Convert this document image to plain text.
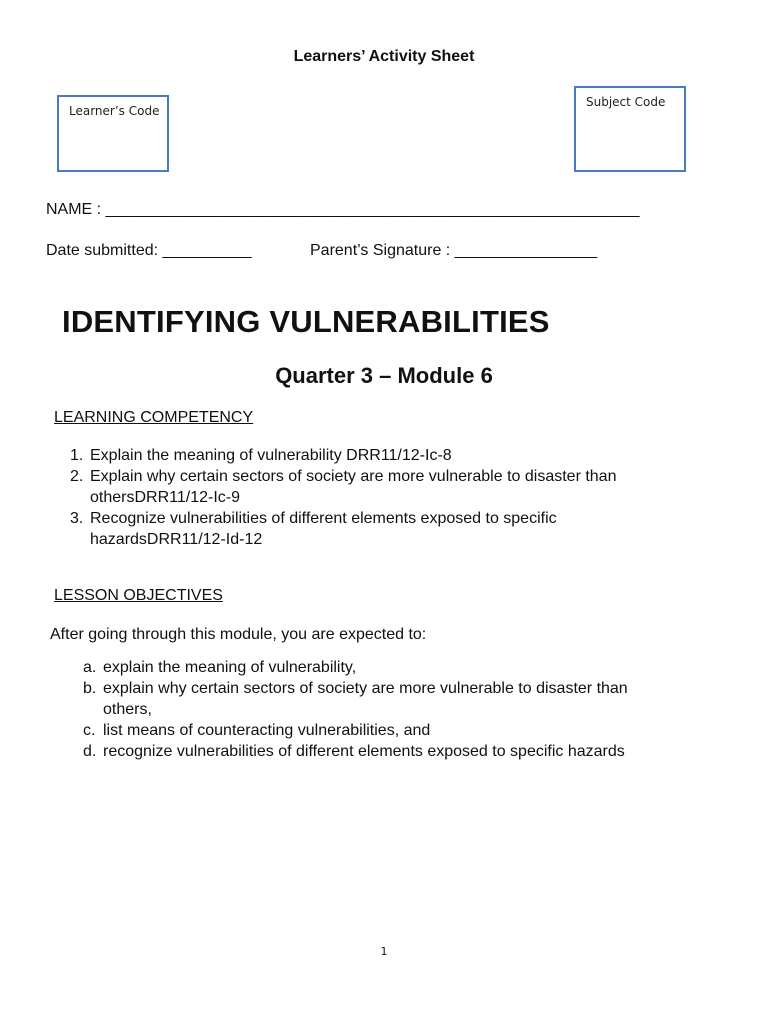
Learners’ Activity Sheet
Learner’s Code
Subject Code
NAME : ____________________________________________________________
Date submitted: __________	Parent’s Signature : ________________
IDENTIFYING VULNERABILITIES
Quarter 3 – Module 6
LEARNING COMPETENCY
1. Explain the meaning of vulnerability DRR11/12-Ic-8
2. Explain why certain sectors of society are more vulnerable to disaster than
othersDRR11/12-Ic-9
3. Recognize vulnerabilities of different elements exposed to specific
hazardsDRR11/12-Id-12
LESSON OBJECTIVES
After going through this module, you are expected to:
a. explain the meaning of vulnerability,
b. explain why certain sectors of society are more vulnerable to disaster than
others,
c. list means of counteracting vulnerabilities, and
d. recognize vulnerabilities of different elements exposed to specific hazards
1
